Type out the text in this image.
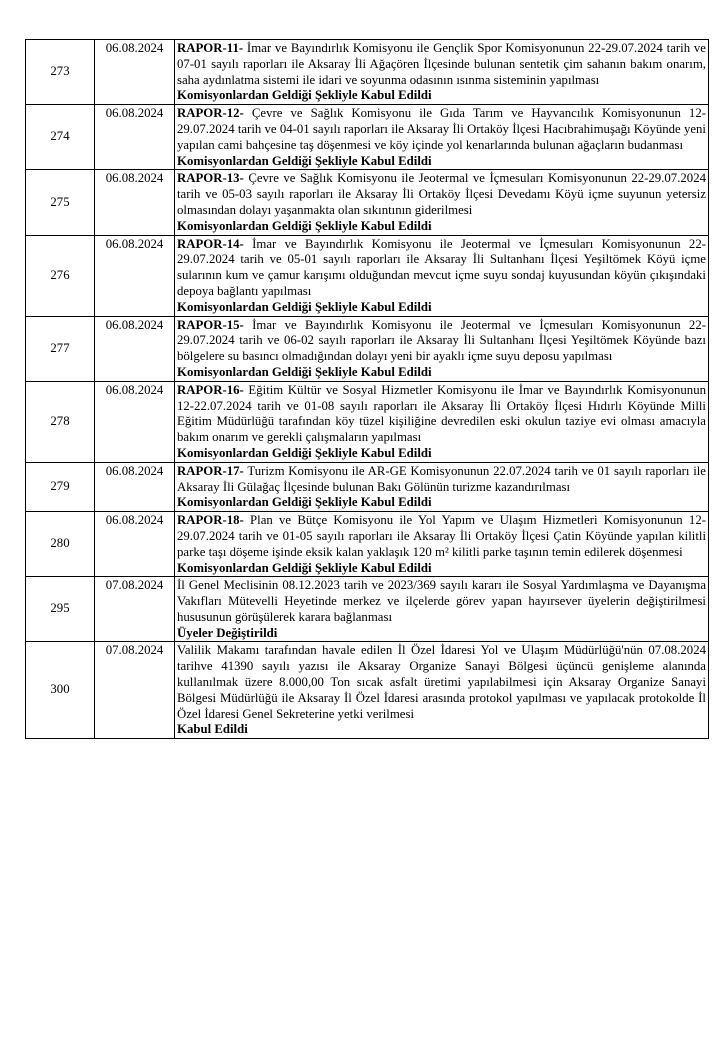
273	06.08.2024	RAPOR-11- İmar ve Bayındırlık Komisyonu ile Gençlik Spor Komisyonunun 22-29.07.2024 tarih ve 07-01 sayılı raporları ile Aksaray İli Ağaçören İlçesinde bulunan sentetik çim sahanın bakım onarım, saha aydınlatma sistemi ile idari ve soyunma odasının ısınma sisteminin yapılması
Komisyonlardan Geldiği Şekliyle Kabul Edildi

274	06.08.2024	RAPOR-12- Çevre ve Sağlık Komisyonu ile Gıda Tarım ve Hayvancılık Komisyonunun 12-29.07.2024 tarih ve 04-01 sayılı raporları ile Aksaray İli Ortaköy İlçesi Hacıbrahimuşağı Köyünde yeni yapılan cami bahçesine taş döşenmesi ve köy içinde yol kenarlarında bulunan ağaçların budanması
Komisyonlardan Geldiği Şekliyle Kabul Edildi

275	06.08.2024	RAPOR-13- Çevre ve Sağlık Komisyonu ile Jeotermal ve İçmesuları Komisyonunun 22-29.07.2024 tarih ve 05-03 sayılı raporları ile Aksaray İli Ortaköy İlçesi Devedamı Köyü içme suyunun yetersiz olmasından dolayı yaşanmakta olan sıkıntının giderilmesi
Komisyonlardan Geldiği Şekliyle Kabul Edildi

276	06.08.2024	RAPOR-14- İmar ve Bayındırlık Komisyonu ile Jeotermal ve İçmesuları Komisyonunun 22-29.07.2024 tarih ve 05-01 sayılı raporları ile Aksaray İli Sultanhanı İlçesi Yeşiltömek Köyü içme sularının kum ve çamur karışımı olduğundan mevcut içme suyu sondaj kuyusundan köyün çıkışındaki depoya bağlantı yapılması
Komisyonlardan Geldiği Şekliyle Kabul Edildi

277	06.08.2024	RAPOR-15- İmar ve Bayındırlık Komisyonu ile Jeotermal ve İçmesuları Komisyonunun 22-29.07.2024 tarih ve 06-02 sayılı raporları ile Aksaray İli Sultanhanı İlçesi Yeşiltömek Köyünde bazı bölgelere su basıncı olmadığından dolayı yeni bir ayaklı içme suyu deposu yapılması
Komisyonlardan Geldiği Şekliyle Kabul Edildi

278	06.08.2024	RAPOR-16- Eğitim Kültür ve Sosyal Hizmetler Komisyonu ile İmar ve Bayındırlık Komisyonunun 12-22.07.2024 tarih ve 01-08 sayılı raporları ile Aksaray İli Ortaköy İlçesi Hıdırlı Köyünde Milli Eğitim Müdürlüğü tarafından köy tüzel kişiliğine devredilen eski okulun taziye evi olması amacıyla bakım onarım ve gerekli çalışmaların yapılması
Komisyonlardan Geldiği Şekliyle Kabul Edildi

279	06.08.2024	RAPOR-17- Turizm Komisyonu ile AR-GE Komisyonunun 22.07.2024 tarih ve 01 sayılı raporları ile Aksaray İli Gülağaç İlçesinde bulunan Bakı Gölünün turizme kazandırılması
Komisyonlardan Geldiği Şekliyle Kabul Edildi

280	06.08.2024	RAPOR-18- Plan ve Bütçe Komisyonu ile Yol Yapım ve Ulaşım Hizmetleri Komisyonunun 12-29.07.2024 tarih ve 01-05 sayılı raporları ile Aksaray İli Ortaköy İlçesi Çatin Köyünde yapılan kilitli parke taşı döşeme işinde eksik kalan yaklaşık 120 m² kilitli parke taşının temin edilerek döşenmesi
Komisyonlardan Geldiği Şekliyle Kabul Edildi

295	07.08.2024	İl Genel Meclisinin 08.12.2023 tarih ve 2023/369 sayılı kararı ile Sosyal Yardımlaşma ve Dayanışma Vakıfları Mütevelli Heyetinde merkez ve ilçelerde görev yapan hayırsever üyelerin değiştirilmesi hususunun görüşülerek karara bağlanması
Üyeler Değiştirildi

300	07.08.2024	Valilik Makamı tarafından havale edilen İl Özel İdaresi Yol ve Ulaşım Müdürlüğü'nün 07.08.2024 tarihve 41390 sayılı yazısı ile Aksaray Organize Sanayi Bölgesi üçüncü genişleme alanında kullanılmak üzere 8.000,00 Ton sıcak asfalt üretimi yapılabilmesi için Aksaray Organize Sanayi Bölgesi Müdürlüğü ile Aksaray İl Özel İdaresi arasında protokol yapılması ve yapılacak protokolde İl Özel İdaresi Genel Sekreterine yetki verilmesi
Kabul Edildi
